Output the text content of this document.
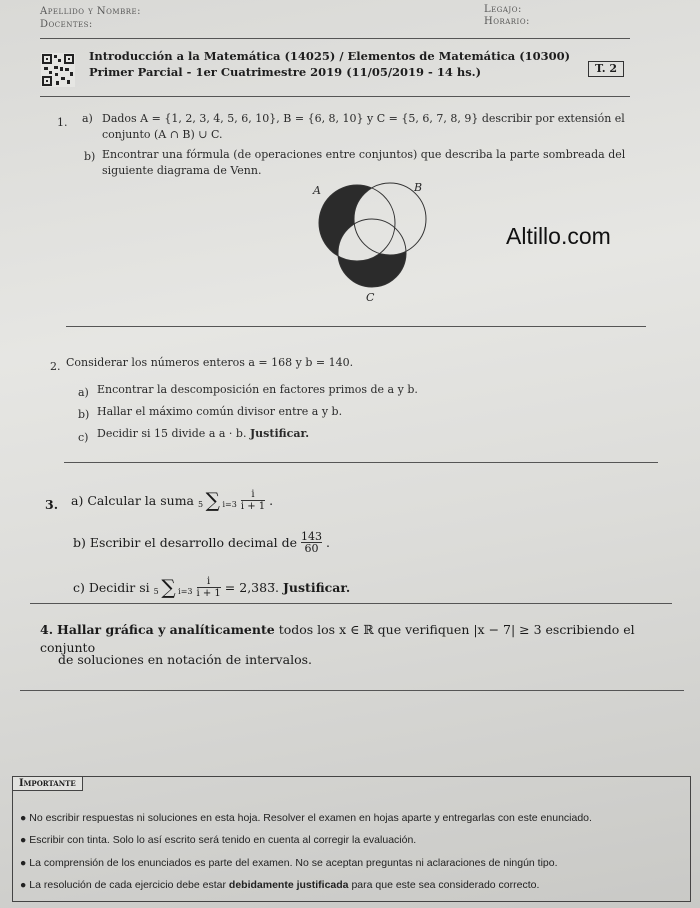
Apellido y Nombre:
Docentes:
Legajo:
Horario:
Introducción a la Matemática (14025) / Elementos de Matemática (10300)
Primer Parcial - 1er Cuatrimestre 2019 (11/05/2019 - 14 hs.)	T. 2
1. a) Dados A = {1, 2, 3, 4, 5, 6, 10}, B = {6, 8, 10} y C = {5, 6, 7, 8, 9} describir por extensión el
conjunto (A ∩ B) ∪ C.
b) Encontrar una fórmula (de operaciones entre conjuntos) que describa la parte sombreada del
siguiente diagrama de Venn.
A	B
C
Altillo.com
2. Considerar los números enteros a = 168 y b = 140.
a) Encontrar la descomposición en factores primos de a y b.
b) Hallar el máximo común divisor entre a y b.
c) Decidir si 15 divide a a · b. Justificar.
3. a) Calcular la suma 5 ∑ $i=3 \frac{i}{i + 1}$ .
b) Escribir el desarrollo decimal de $\frac{143}{60}$ .
c) Decidir si 5 ∑ $i=3 \frac{i}{i + 1}$ = 2,383̅. Justificar.
4. Hallar gráfica y analíticamente todos los x ∈ ℝ que verifiquen |x − 7| ≥ 3 escribiendo el conjunto
de soluciones en notación de intervalos.
Importante
● No escribir respuestas ni soluciones en esta hoja. Resolver el examen en hojas aparte y entregarlas con este enunciado.
● Escribir con tinta. Solo lo así escrito será tenido en cuenta al corregir la evaluación.
● La comprensión de los enunciados es parte del examen. No se aceptan preguntas ni aclaraciones de ningún tipo.
● La resolución de cada ejercicio debe estar debidamente justificada para que este sea considerado correcto.
